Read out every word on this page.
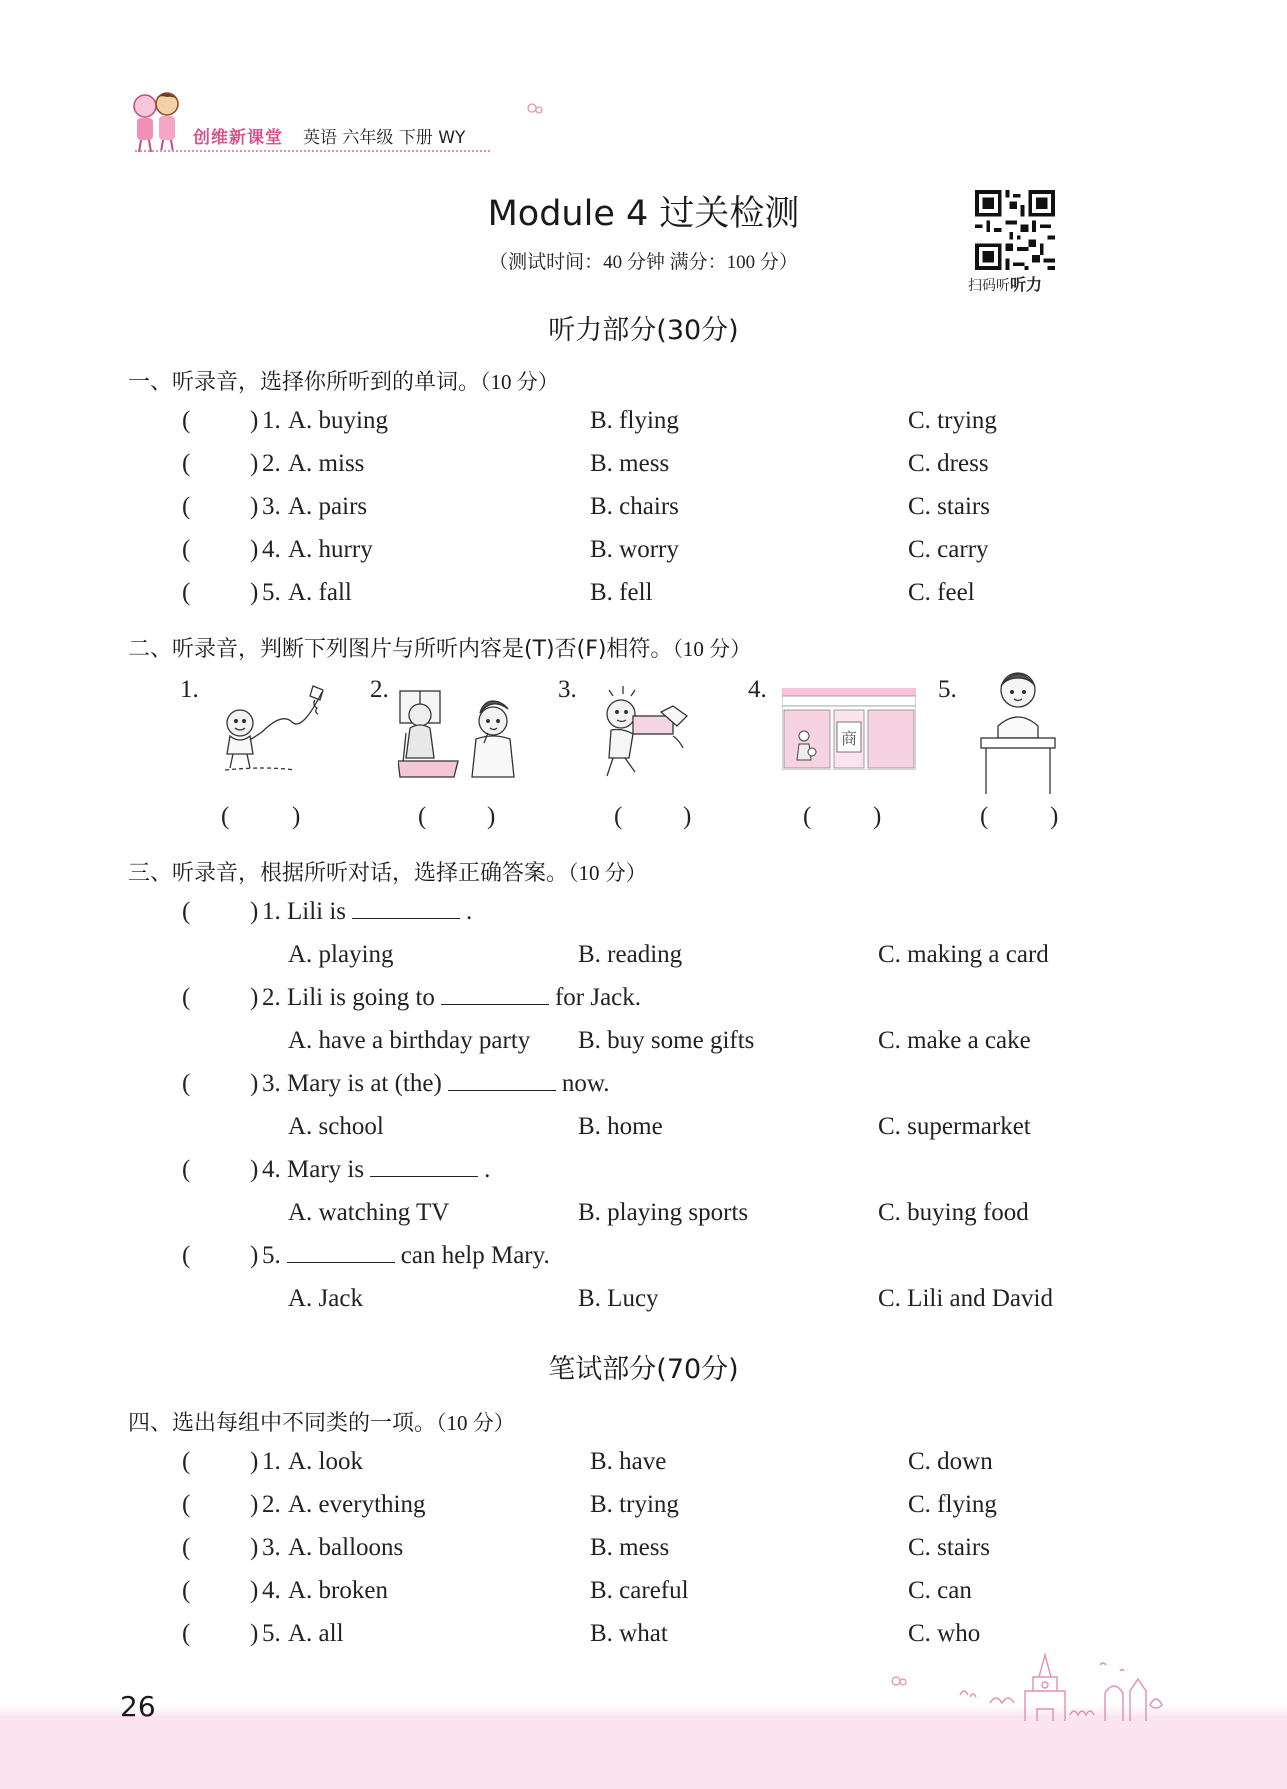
创维新课堂 英语 六年级 下册 WY
Module 4 过关检测
（测试时间：40 分钟 满分：100 分）
扫码听听力
听力部分(30分)
一、听录音，选择你所听到的单词。（10 分）
( ) 1. A. buying	B. flying	C. trying
( ) 2. A. miss	B. mess	C. dress
( ) 3. A. pairs	B. chairs	C. stairs
( ) 4. A. hurry	B. worry	C. carry
( ) 5. A. fall	B. fell	C. feel
二、听录音，判断下列图片与所听内容是(T)否(F)相符。（10 分）
1.	2.	3.	4.	5.
商
(	)	( )	( )	( )	( )
三、听录音，根据所听对话，选择正确答案。（10 分）
( ) 1. Lili is	.
A. playing	B. reading	C. making a card
( ) 2. Lili is going to	for Jack.
A. have a birthday party B. buy some gifts	C. make a cake
( ) 3. Mary is at (the)	now.
A. school	B. home	C. supermarket
( ) 4. Mary is	.
A. watching TV	B. playing sports	C. buying food
( ) 5.	can help Mary.
A. Jack	B. Lucy	C. Lili and David
笔试部分(70分)
四、选出每组中不同类的一项。（10 分）
( ) 1. A. look	B. have	C. down
( ) 2. A. everything	B. trying	C. flying
( ) 3. A. balloons	B. mess	C. stairs
( ) 4. A. broken	B. careful	C. can
( ) 5. A. all	B. what	C. who
26
